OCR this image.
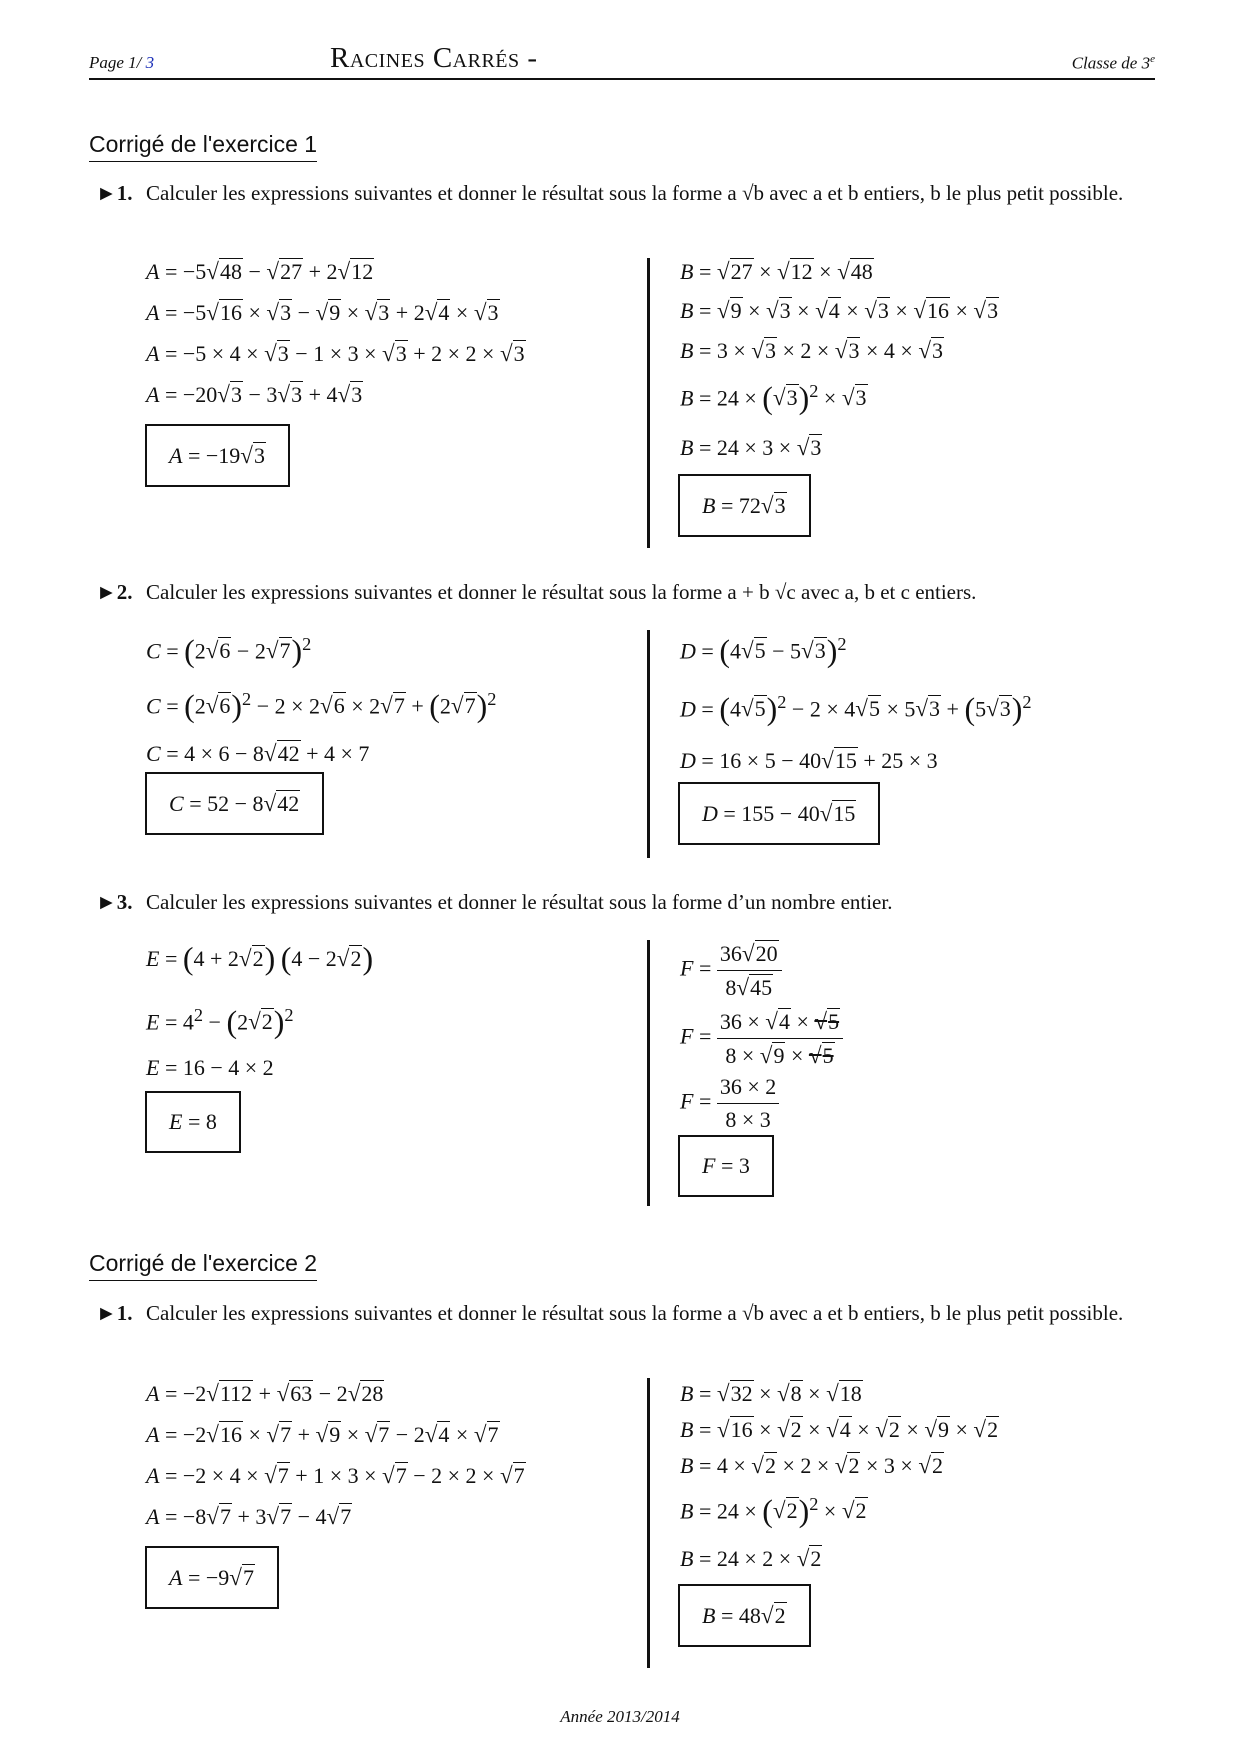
Page 1/ 3	Racines Carrés -	Classe de 3e
Corrigé de l'exercice 1
►1. Calculer les expressions suivantes et donner le résultat sous la forme a √b avec a et b entiers, b le plus petit possible.
A = −5√48 − √27 + 2√12
A = −5√16 × √3 − √9 × √3 + 2√4 × √3
A = −5 × 4 × √3 − 1 × 3 × √3 + 2 × 2 × √3
A = −20√3 − 3√3 + 4√3
A = −19√3
B = √27 × √12 × √48
B = √9 × √3 × √4 × √3 × √16 × √3
B = 3 × √3 × 2 × √3 × 4 × √3
$B = 24 \times (√3)^2 \times √3$
B = 24 × 3 × √3
B = 72√3
►2. Calculer les expressions suivantes et donner le résultat sous la forme a + b √c avec a, b et c entiers.
$C = (2√6 - 2√7)^2$
$C = (2√6)^2 - 2 \times 2√6 \times 2√7 + (2√7)^2$
C = 4 × 6 − 8√42 + 4 × 7
C = 52 − 8√42
$D = (4√5 - 5√3)^2$
$D = (4√5)^2 - 2 \times 4√5 \times 5√3 + (5√3)^2$
D = 16 × 5 − 40√15 + 25 × 3
D = 155 − 40√15
►3. Calculer les expressions suivantes et donner le résultat sous la forme d’un nombre entier.
E = (4 + 2√2) (4 − 2√2)
$E = 4^2 - (2√2)^2$
E = 16 − 4 × 2
E = 8
$F = \frac{36√20}{8√45}$
$F = \frac{36 \times √4 \times √5}{8 \times √9 \times √5}$
$F = \frac{36 \times 2}{8 \times 3}$
F = 3
Corrigé de l'exercice 2
►1. Calculer les expressions suivantes et donner le résultat sous la forme a √b avec a et b entiers, b le plus petit possible.
A = −2√112 + √63 − 2√28
A = −2√16 × √7 + √9 × √7 − 2√4 × √7
A = −2 × 4 × √7 + 1 × 3 × √7 − 2 × 2 × √7
A = −8√7 + 3√7 − 4√7
A = −9√7
B = √32 × √8 × √18
B = √16 × √2 × √4 × √2 × √9 × √2
B = 4 × √2 × 2 × √2 × 3 × √2
$B = 24 \times (√2)^2 \times √2$
B = 24 × 2 × √2
B = 48√2
Année 2013/2014
